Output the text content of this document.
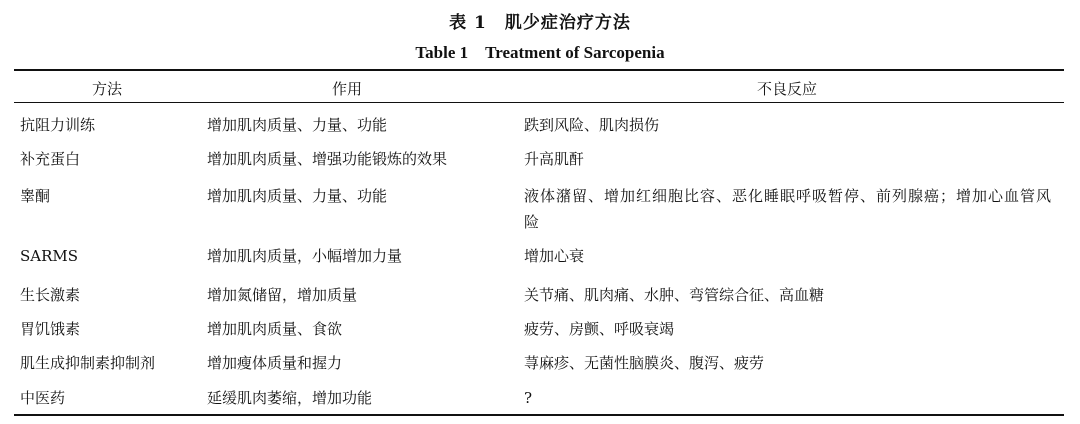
表 1　肌少症治疗方法
Table 1　Treatment of Sarcopenia
方法	作用	不良反应
抗阻力训练	增加肌肉质量、力量、功能	跌到风险、肌肉损伤
补充蛋白	增加肌肉质量、增强功能锻炼的效果	升高肌酐
睾酮	增加肌肉质量、力量、功能	液体潴留、增加红细胞比容、恶化睡眠呼吸暂停、前列腺癌；增加心血管风险
SARMS	增加肌肉质量，小幅增加力量	增加心衰
生长激素	增加氮储留，增加质量	关节痛、肌肉痛、水肿、弯管综合征、高血糖
胃饥饿素	增加肌肉质量、食欲	疲劳、房颤、呼吸衰竭
肌生成抑制素抑制剂	增加瘦体质量和握力	荨麻疹、无菌性脑膜炎、腹泻、疲劳
中医药	延缓肌肉萎缩，增加功能	?
